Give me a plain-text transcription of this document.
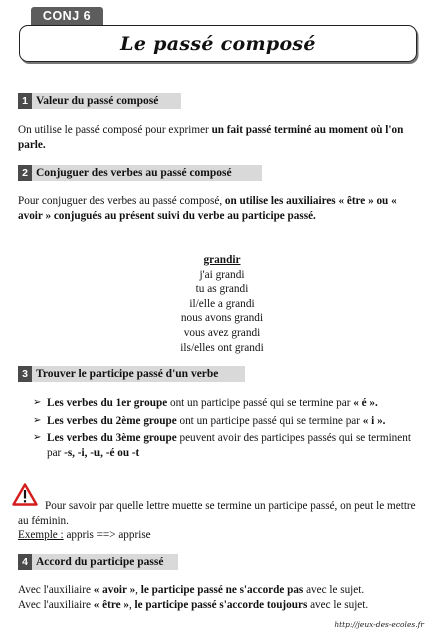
CONJ 6
Le passé composé
1 Valeur du passé composé
On utilise le passé composé pour exprimer un fait passé terminé au moment où l'on parle.
2 Conjuguer des verbes au passé composé
Pour conjuguer des verbes au passé composé, on utilise les auxiliaires « être » ou « avoir » conjugués au présent suivi du verbe au participe passé.
grandir
j'ai grandi
tu as grandi
il/elle a grandi
nous avons grandi
vous avez grandi
ils/elles ont grandi
3 Trouver le participe passé d'un verbe
➢ Les verbes du 1er groupe ont un participe passé qui se termine par « é ».
➢ Les verbes du 2ème groupe ont un participe passé qui se termine par « i ».
➢ Les verbes du 3ème groupe peuvent avoir des participes passés qui se terminent par -s, -i, -u, -é ou -t
Pour savoir par quelle lettre muette se termine un participe passé, on peut le mettre au féminin.
Exemple : appris ==> apprise
4 Accord du participe passé
Avec l'auxiliaire « avoir », le participe passé ne s'accorde pas avec le sujet.
Avec l'auxiliaire « être », le participe passé s'accorde toujours avec le sujet.
http://jeux-des-ecoles.fr
